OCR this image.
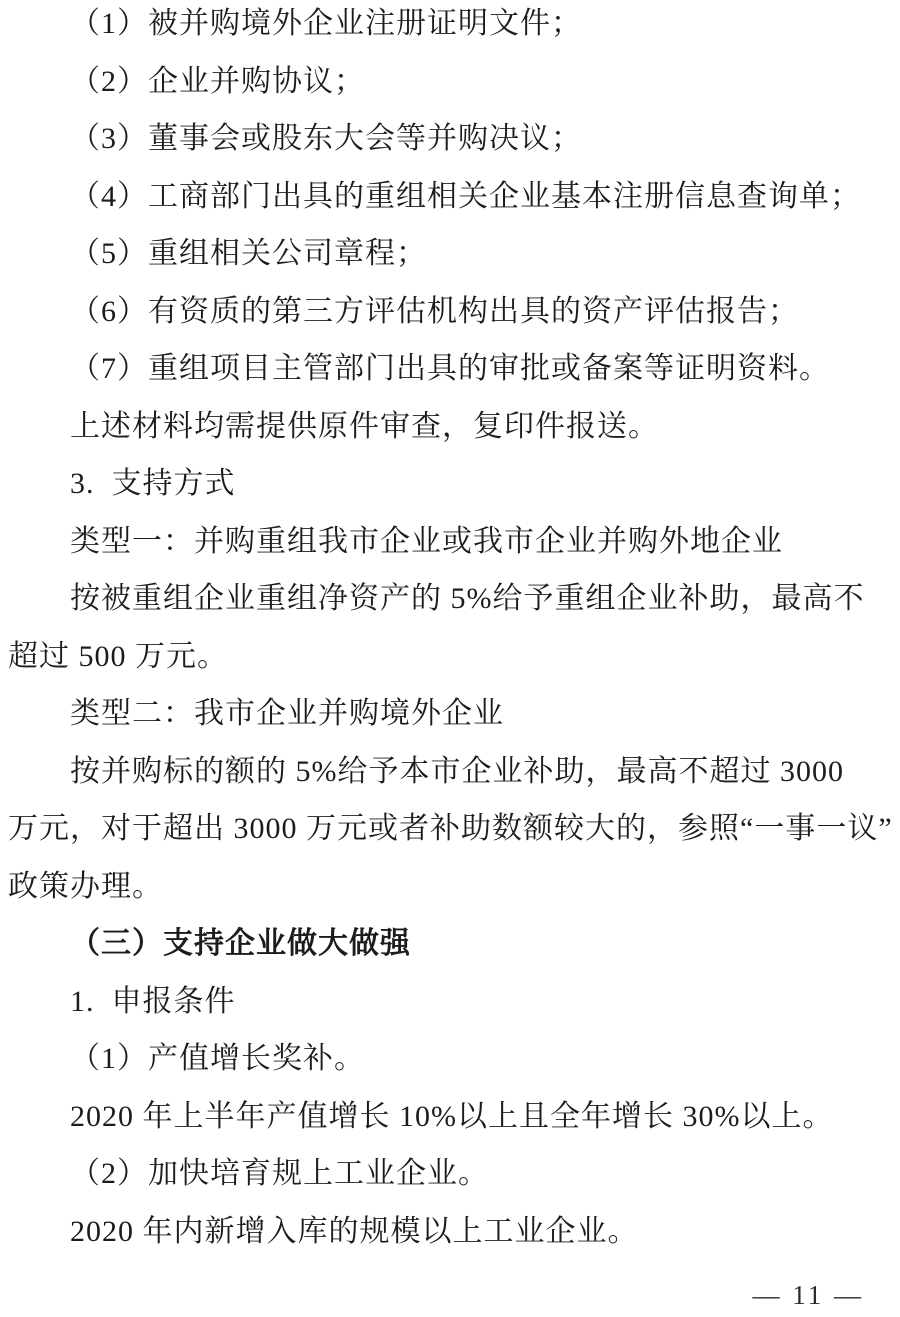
（1）被并购境外企业注册证明文件；
（2）企业并购协议；
（3）董事会或股东大会等并购决议；
（4）工商部门出具的重组相关企业基本注册信息查询单；
（5）重组相关公司章程；
（6）有资质的第三方评估机构出具的资产评估报告；
（7）重组项目主管部门出具的审批或备案等证明资料。
上述材料均需提供原件审查，复印件报送。
3.  支持方式
类型一：并购重组我市企业或我市企业并购外地企业
按被重组企业重组净资产的 5%给予重组企业补助，最高不
超过 500 万元。
类型二：我市企业并购境外企业
按并购标的额的 5%给予本市企业补助，最高不超过 3000
万元，对于超出 3000 万元或者补助数额较大的，参照“一事一议”
政策办理。
（三）支持企业做大做强
1.  申报条件
（1）产值增长奖补。
2020 年上半年产值增长 10%以上且全年增长 30%以上。
（2）加快培育规上工业企业。
2020 年内新增入库的规模以上工业企业。
— 11 —
